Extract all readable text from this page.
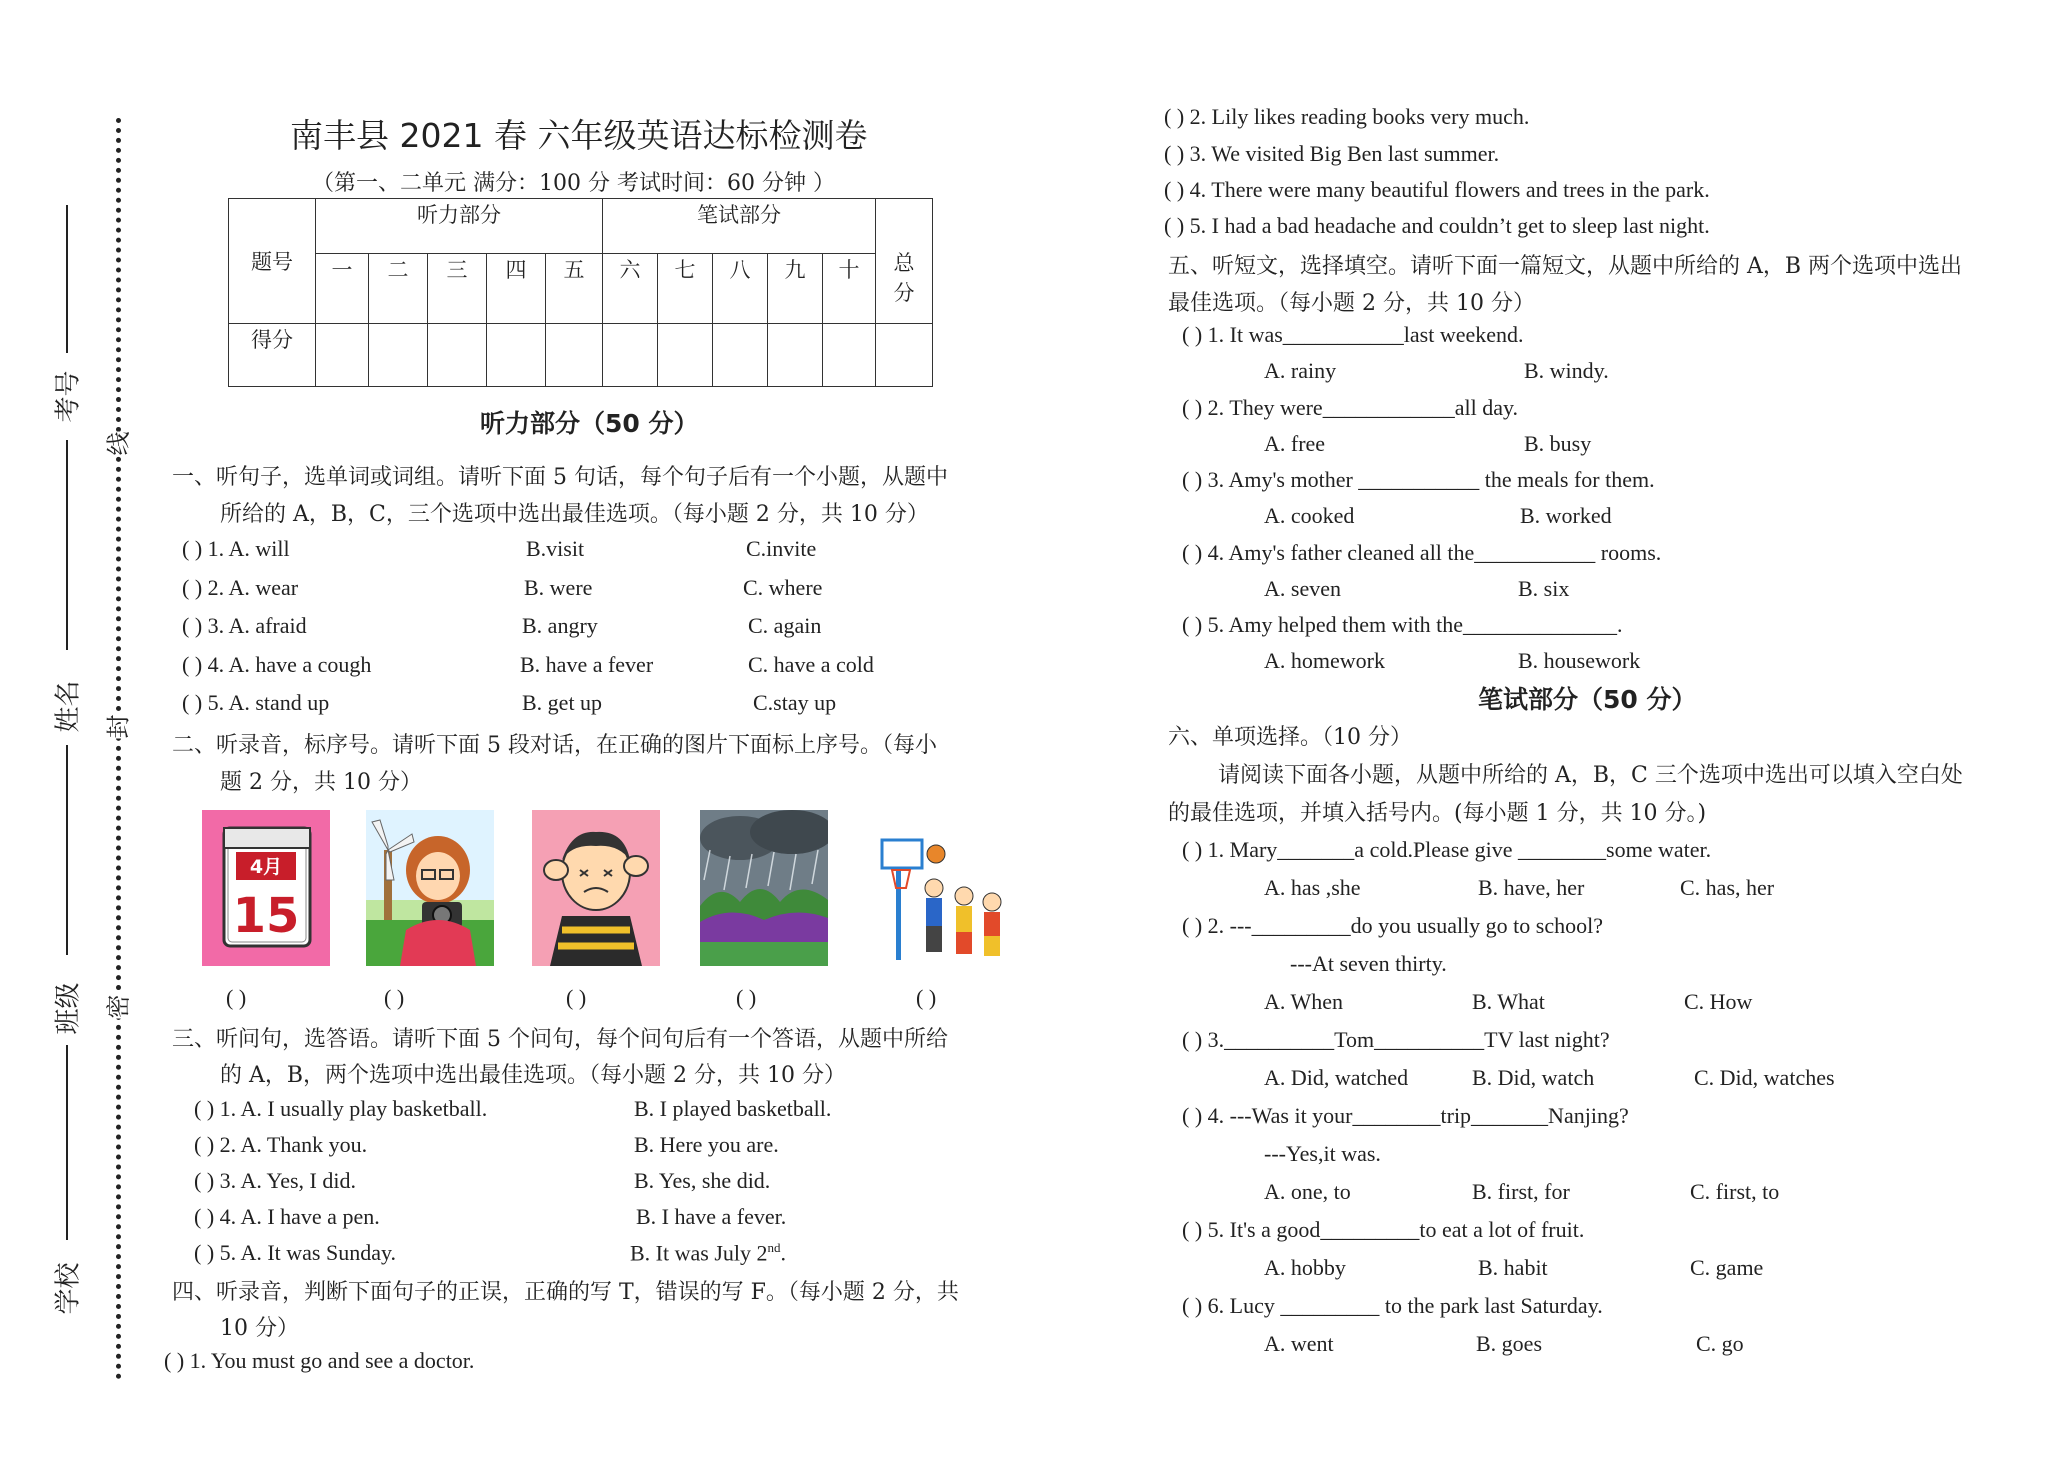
考号
姓名
班级
学校
线
封
密
南丰县 2021 春 六年级英语达标检测卷
（第一、二单元 满分：100 分 考试时间：60 分钟 ）
题号	听力部分					笔试部分					总分
	一	二	三	四	五	六	七	八	九	十	
得分											
听力部分（50 分）
一、听句子，选单词或词组。请听下面 5 句话，每个句子后有一个小题，从题中
所给的 A，B，C，三个选项中选出最佳选项。（每小题 2 分，共 10 分）
( ) 1. A. will	B.visit	C.invite
( ) 2. A. wear	B. were	C. where
( ) 3. A. afraid	B. angry	C. again
( ) 4. A. have a cough	B. have a fever	C. have a cold
( ) 5. A. stand up	B. get up	C.stay up
二、听录音，标序号。请听下面 5 段对话，在正确的图片下面标上序号。（每小
题 2 分，共 10 分）
4月
15
( )	( )	( )	( )	( )
三、听问句，选答语。请听下面 5 个问句，每个问句后有一个答语，从题中所给
的 A，B，两个选项中选出最佳选项。（每小题 2 分，共 10 分）
( ) 1. A. I usually play basketball.	B. I played basketball.
( ) 2. A. Thank you.	B. Here you are.
( ) 3. A. Yes, I did.	B. Yes, she did.
( ) 4. A. I have a pen.	B. I have a fever.
( ) 5. A. It was Sunday.	B. It was July 2nd.
四、听录音，判断下面句子的正误，正确的写 T，错误的写 F。（每小题 2 分，共
10 分）
( ) 1. You must go and see a doctor.
( ) 2. Lily likes reading books very much.
( ) 3. We visited Big Ben last summer.
( ) 4. There were many beautiful flowers and trees in the park.
( ) 5. I had a bad headache and couldn’t get to sleep last night.
五、听短文，选择填空。请听下面一篇短文，从题中所给的 A，B 两个选项中选出
最佳选项。（每小题 2 分，共 10 分）
( ) 1. It was___________last weekend.
A. rainy	B. windy.
( ) 2. They were____________all day.
A. free	B. busy
( ) 3. Amy's mother ___________ the meals for them.
A. cooked	B. worked
( ) 4. Amy's father cleaned all the___________ rooms.
A. seven	B. six
( ) 5. Amy helped them with the______________.
A. homework	B. housework
笔试部分（50 分）
六、单项选择。（10 分）
请阅读下面各小题，从题中所给的 A，B，C 三个选项中选出可以填入空白处
的最佳选项，并填入括号内。(每小题 1 分，共 10 分。)
( ) 1. Mary_______a cold.Please give ________some water.
A. has ,she	B. have, her	C. has, her
( ) 2. ---_________do you usually go to school?
---At seven thirty.
A. When	B. What	C. How
( ) 3.__________Tom__________TV last night?
A. Did, watched	B. Did, watch	C. Did, watches
( ) 4. ---Was it your________trip_______Nanjing?
---Yes,it was.
A. one, to	B. first, for	C. first, to
( ) 5. It's a good_________to eat a lot of fruit.
A. hobby	B. habit	C. game
( ) 6. Lucy _________ to the park last Saturday.
A. went	B. goes	C. go
